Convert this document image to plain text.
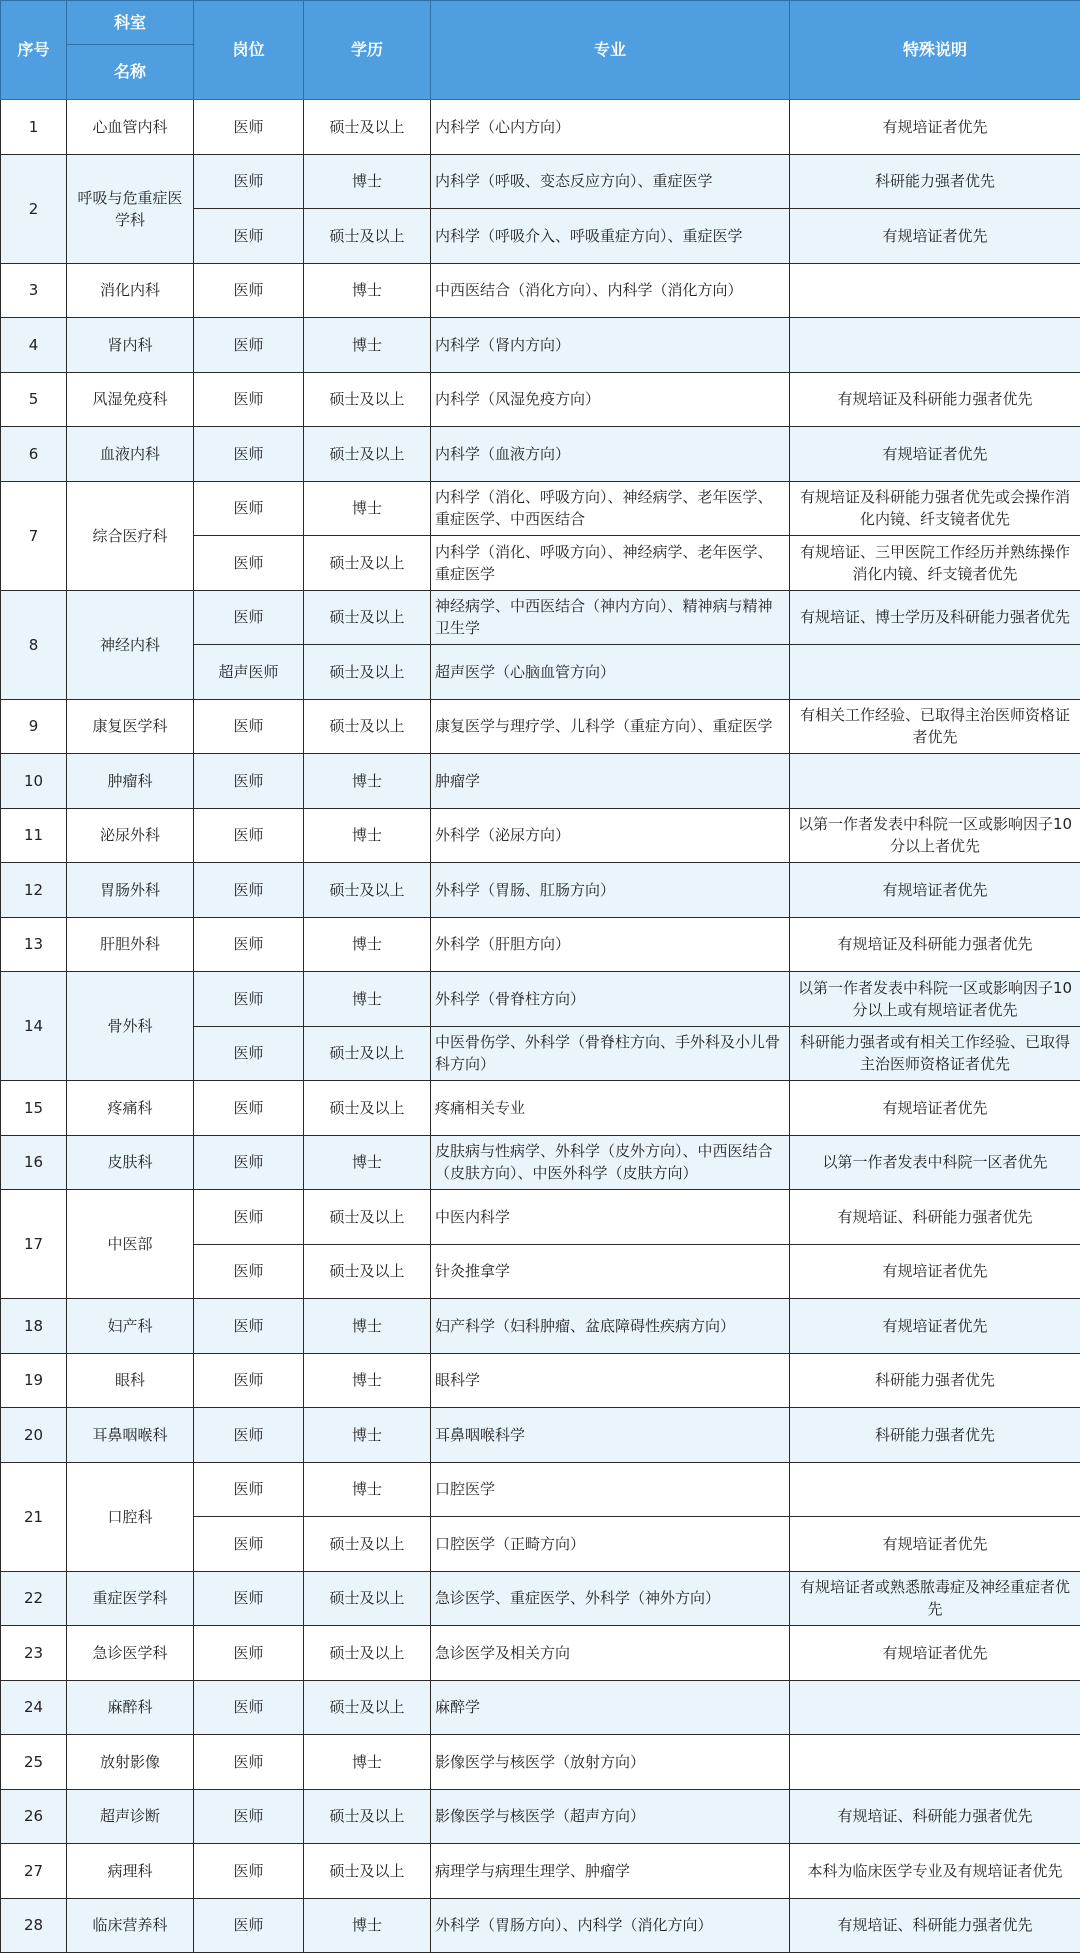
序号	科室	岗位	学历	专业	特殊说明
	名称				
1	心血管内科	医师	硕士及以上	内科学（心内方向）	有规培证者优先
2	呼吸与危重症医学科	医师	博士	内科学（呼吸、变态反应方向）、重症医学	科研能力强者优先
		医师	硕士及以上	内科学（呼吸介入、呼吸重症方向）、重症医学	有规培证者优先
3	消化内科	医师	博士	中西医结合（消化方向）、内科学（消化方向）	
4	肾内科	医师	博士	内科学（肾内方向）	
5	风湿免疫科	医师	硕士及以上	内科学（风湿免疫方向）	有规培证及科研能力强者优先
6	血液内科	医师	硕士及以上	内科学（血液方向）	有规培证者优先
7	综合医疗科	医师	博士	内科学（消化、呼吸方向）、神经病学、老年医学、重症医学、中西医结合	有规培证及科研能力强者优先或会操作消化内镜、纤支镜者优先
		医师	硕士及以上	内科学（消化、呼吸方向）、神经病学、老年医学、重症医学	有规培证、三甲医院工作经历并熟练操作消化内镜、纤支镜者优先
8	神经内科	医师	硕士及以上	神经病学、中西医结合（神内方向）、精神病与精神卫生学	有规培证、博士学历及科研能力强者优先
		超声医师	硕士及以上	超声医学（心脑血管方向）	
9	康复医学科	医师	硕士及以上	康复医学与理疗学、儿科学（重症方向）、重症医学	有相关工作经验、已取得主治医师资格证者优先
10	肿瘤科	医师	博士	肿瘤学	
11	泌尿外科	医师	博士	外科学（泌尿方向）	以第一作者发表中科院一区或影响因子10分以上者优先
12	胃肠外科	医师	硕士及以上	外科学（胃肠、肛肠方向）	有规培证者优先
13	肝胆外科	医师	博士	外科学（肝胆方向）	有规培证及科研能力强者优先
14	骨外科	医师	博士	外科学（骨脊柱方向）	以第一作者发表中科院一区或影响因子10分以上或有规培证者优先
		医师	硕士及以上	中医骨伤学、外科学（骨脊柱方向、手外科及小儿骨科方向）	科研能力强者或有相关工作经验、已取得主治医师资格证者优先
15	疼痛科	医师	硕士及以上	疼痛相关专业	有规培证者优先
16	皮肤科	医师	博士	皮肤病与性病学、外科学（皮外方向）、中西医结合（皮肤方向）、中医外科学（皮肤方向）	以第一作者发表中科院一区者优先
17	中医部	医师	硕士及以上	中医内科学	有规培证、科研能力强者优先
		医师	硕士及以上	针灸推拿学	有规培证者优先
18	妇产科	医师	博士	妇产科学（妇科肿瘤、盆底障碍性疾病方向）	有规培证者优先
19	眼科	医师	博士	眼科学	科研能力强者优先
20	耳鼻咽喉科	医师	博士	耳鼻咽喉科学	科研能力强者优先
21	口腔科	医师	博士	口腔医学	
		医师	硕士及以上	口腔医学（正畸方向）	有规培证者优先
22	重症医学科	医师	硕士及以上	急诊医学、重症医学、外科学（神外方向）	有规培证者或熟悉脓毒症及神经重症者优先
23	急诊医学科	医师	硕士及以上	急诊医学及相关方向	有规培证者优先
24	麻醉科	医师	硕士及以上	麻醉学	
25	放射影像	医师	博士	影像医学与核医学（放射方向）	
26	超声诊断	医师	硕士及以上	影像医学与核医学（超声方向）	有规培证、科研能力强者优先
27	病理科	医师	硕士及以上	病理学与病理生理学、肿瘤学	本科为临床医学专业及有规培证者优先
28	临床营养科	医师	博士	外科学（胃肠方向）、内科学（消化方向）	有规培证、科研能力强者优先
